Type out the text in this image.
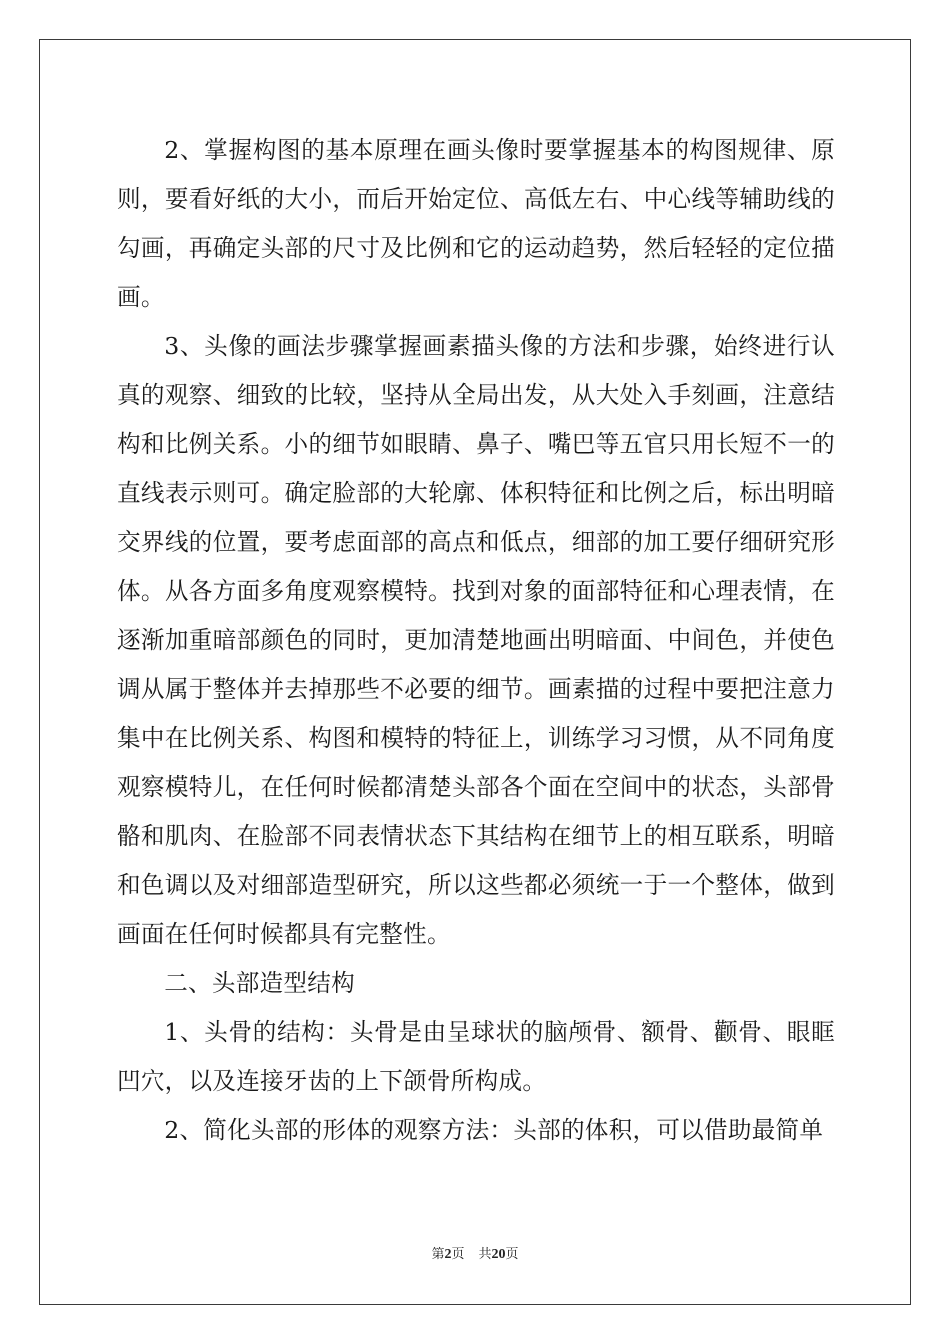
2、掌握构图的基本原理在画头像时要掌握基本的构图规律、原则，要看好纸的大小，而后开始定位、高低左右、中心线等辅助线的勾画，再确定头部的尺寸及比例和它的运动趋势，然后轻轻的定位描画。

3、头像的画法步骤掌握画素描头像的方法和步骤，始终进行认真的观察、细致的比较，坚持从全局出发，从大处入手刻画，注意结构和比例关系。小的细节如眼睛、鼻子、嘴巴等五官只用长短不一的直线表示则可。确定脸部的大轮廓、体积特征和比例之后，标出明暗交界线的位置，要考虑面部的高点和低点，细部的加工要仔细研究形体。从各方面多角度观察模特。找到对象的面部特征和心理表情，在逐渐加重暗部颜色的同时，更加清楚地画出明暗面、中间色，并使色调从属于整体并去掉那些不必要的细节。画素描的过程中要把注意力集中在比例关系、构图和模特的特征上，训练学习习惯，从不同角度观察模特儿，在任何时候都清楚头部各个面在空间中的状态，头部骨骼和肌肉、在脸部不同表情状态下其结构在细节上的相互联系，明暗和色调以及对细部造型研究，所以这些都必须统一于一个整体，做到画面在任何时候都具有完整性。

二、头部造型结构

1、头骨的结构：头骨是由呈球状的脑颅骨、额骨、颧骨、眼眶凹穴，以及连接牙齿的上下颌骨所构成。

2、简化头部的形体的观察方法：头部的体积，可以借助最简单

第2页 共20页
